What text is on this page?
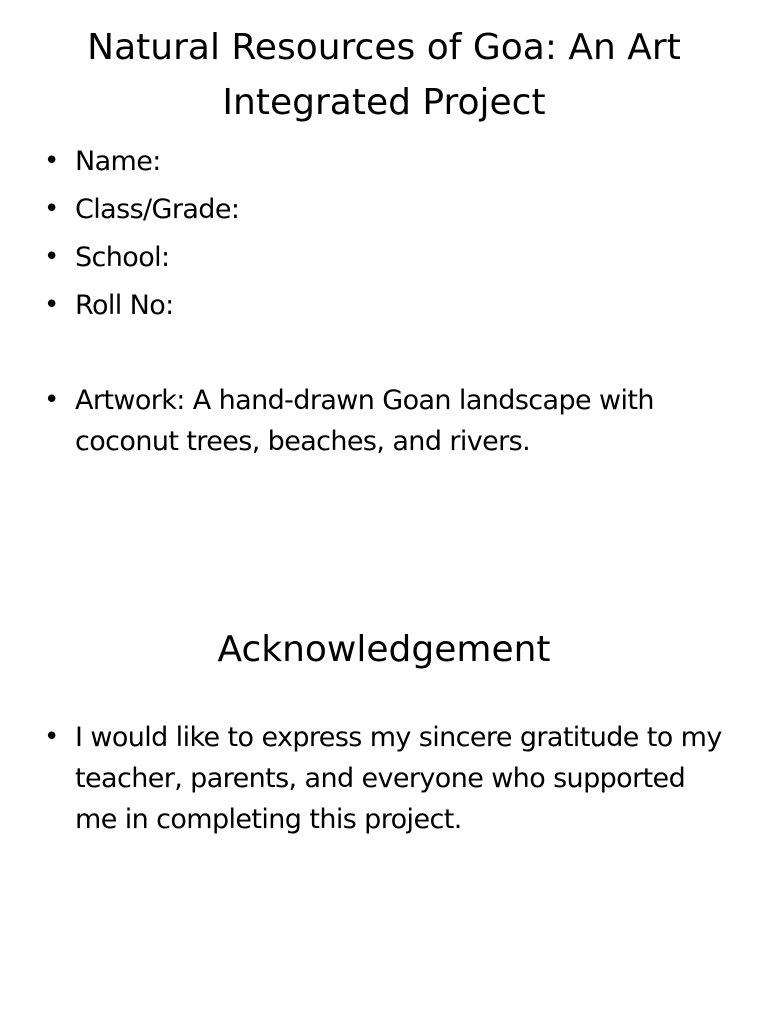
Natural Resources of Goa: An Art Integrated Project
• Name:
• Class/Grade:
• School:
• Roll No:
• Artwork: A hand-drawn Goan landscape with coconut trees, beaches, and rivers.
Acknowledgement
• I would like to express my sincere gratitude to my teacher, parents, and everyone who supported me in completing this project.
